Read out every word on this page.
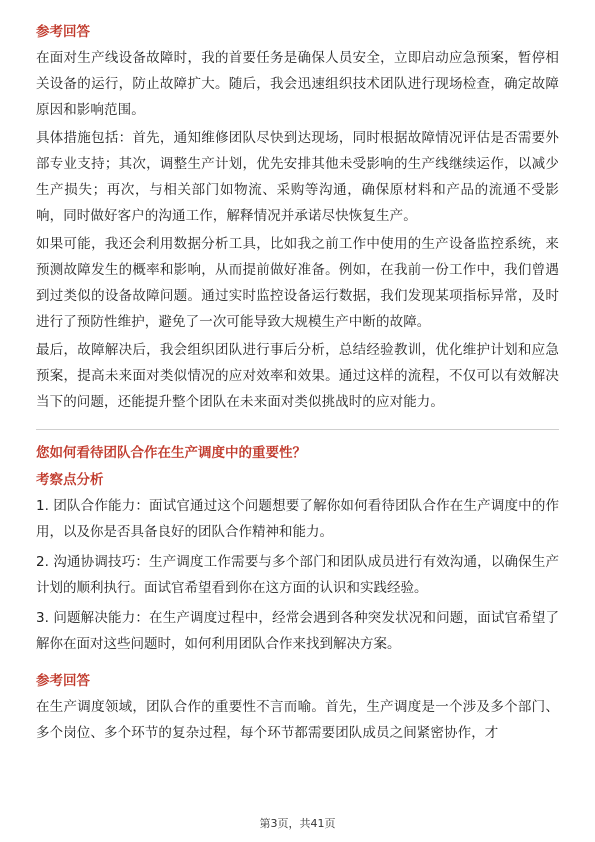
参考回答

在面对生产线设备故障时，我的首要任务是确保人员安全，立即启动应急预案，暂停相关设备的运行，防止故障扩大。随后，我会迅速组织技术团队进行现场检查，确定故障原因和影响范围。

具体措施包括：首先，通知维修团队尽快到达现场，同时根据故障情况评估是否需要外部专业支持；其次，调整生产计划，优先安排其他未受影响的生产线继续运作，以减少生产损失；再次，与相关部门如物流、采购等沟通，确保原材料和产品的流通不受影响，同时做好客户的沟通工作，解释情况并承诺尽快恢复生产。

如果可能，我还会利用数据分析工具，比如我之前工作中使用的生产设备监控系统，来预测故障发生的概率和影响，从而提前做好准备。例如，在我前一份工作中，我们曾遇到过类似的设备故障问题。通过实时监控设备运行数据，我们发现某项指标异常，及时进行了预防性维护，避免了一次可能导致大规模生产中断的故障。

最后，故障解决后，我会组织团队进行事后分析，总结经验教训，优化维护计划和应急预案，提高未来面对类似情况的应对效率和效果。通过这样的流程，不仅可以有效解决当下的问题，还能提升整个团队在未来面对类似挑战时的应对能力。

您如何看待团队合作在生产调度中的重要性？
考察点分析

1. 团队合作能力：面试官通过这个问题想要了解你如何看待团队合作在生产调度中的作用，以及你是否具备良好的团队合作精神和能力。

2. 沟通协调技巧：生产调度工作需要与多个部门和团队成员进行有效沟通，以确保生产计划的顺利执行。面试官希望看到你在这方面的认识和实践经验。

3. 问题解决能力：在生产调度过程中，经常会遇到各种突发状况和问题，面试官希望了解你在面对这些问题时，如何利用团队合作来找到解决方案。

参考回答

在生产调度领域，团队合作的重要性不言而喻。首先，生产调度是一个涉及多个部门、多个岗位、多个环节的复杂过程，每个环节都需要团队成员之间紧密协作，才

第3页，共41页
